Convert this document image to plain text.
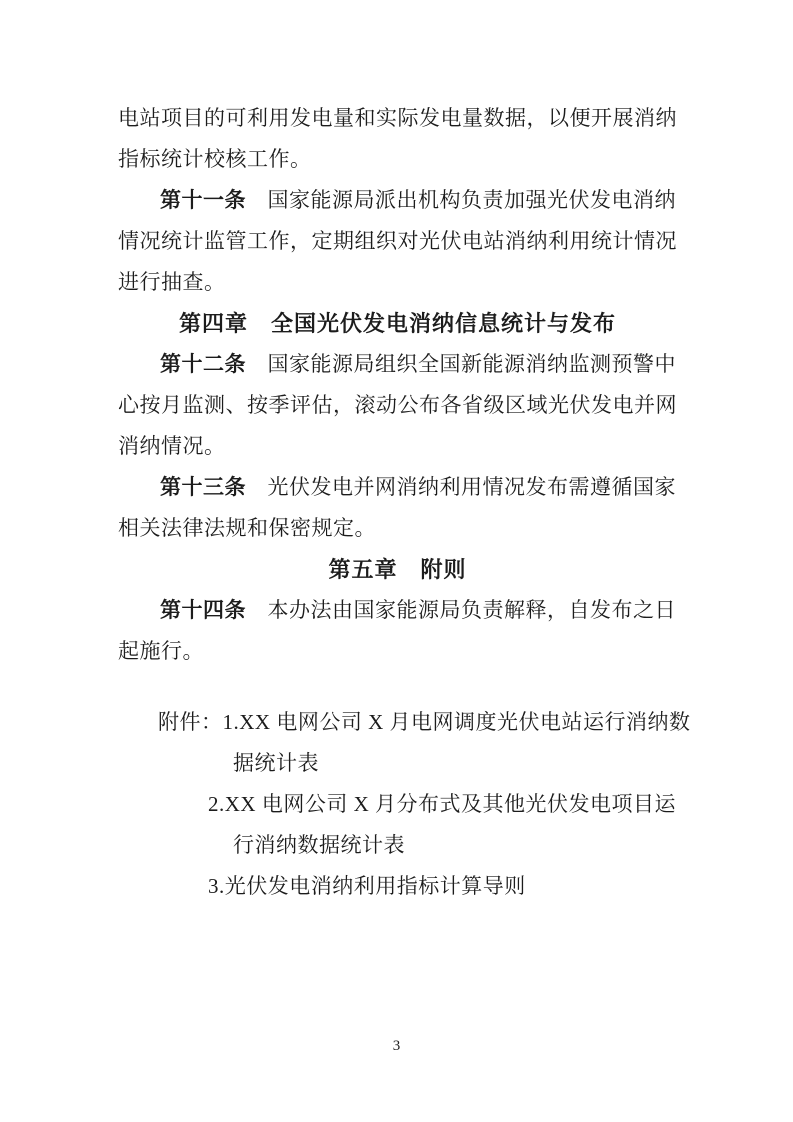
电站项目的可利用发电量和实际发电量数据，以便开展消纳
指标统计校核工作。
第十一条　国家能源局派出机构负责加强光伏发电消纳
情况统计监管工作，定期组织对光伏电站消纳利用统计情况
进行抽查。
第四章　全国光伏发电消纳信息统计与发布
第十二条　国家能源局组织全国新能源消纳监测预警中
心按月监测、按季评估，滚动公布各省级区域光伏发电并网
消纳情况。
第十三条　光伏发电并网消纳利用情况发布需遵循国家
相关法律法规和保密规定。
第五章　附则
第十四条　本办法由国家能源局负责解释，自发布之日
起施行。
附件：1.XX 电网公司 X 月电网调度光伏电站运行消纳数
据统计表
2.XX 电网公司 X 月分布式及其他光伏发电项目运
行消纳数据统计表
3.光伏发电消纳利用指标计算导则
3
